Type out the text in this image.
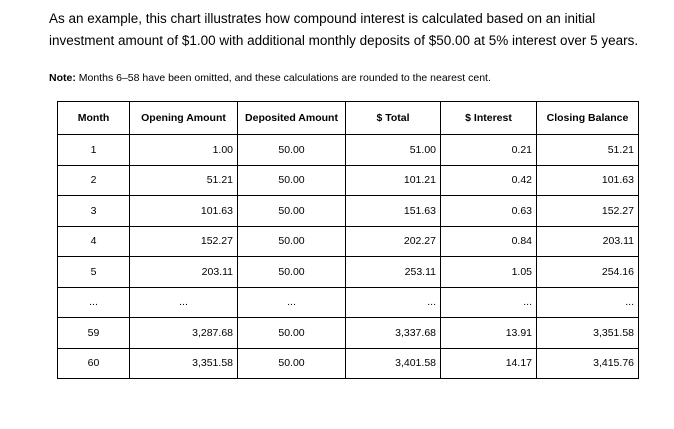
As an example, this chart illustrates how compound interest is calculated based on an initial investment amount of $1.00 with additional monthly deposits of $50.00 at 5% interest over 5 years.
Note: Months 6–58 have been omitted, and these calculations are rounded to the nearest cent.
Month	Opening Amount	Deposited Amount	$ Total	$ Interest	Closing Balance
1	1.00	50.00	51.00	0.21	51.21
2	51.21	50.00	101.21	0.42	101.63
3	101.63	50.00	151.63	0.63	152.27
4	152.27	50.00	202.27	0.84	203.11
5	203.11	50.00	253.11	1.05	254.16
...	...	...	...	...	...
59	3,287.68	50.00	3,337.68	13.91	3,351.58
60	3,351.58	50.00	3,401.58	14.17	3,415.76
